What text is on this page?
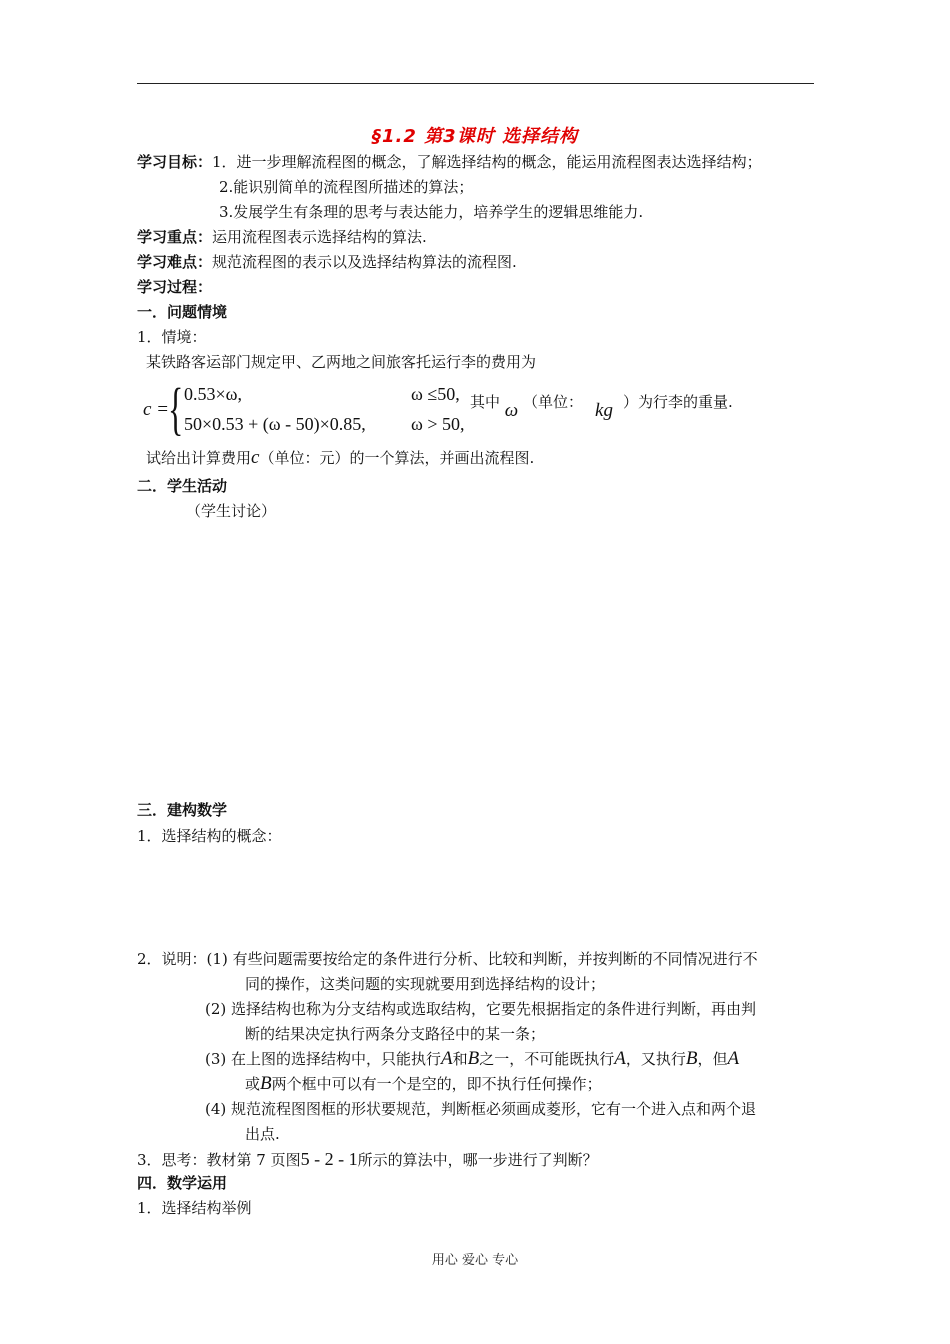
§1.2 第3课时 选择结构
学习目标：1．进一步理解流程图的概念，了解选择结构的概念，能运用流程图表达选择结构；
2.能识别简单的流程图所描述的算法；
3.发展学生有条理的思考与表达能力，培养学生的逻辑思维能力.
学习重点：运用流程图表示选择结构的算法.
学习难点：规范流程图的表示以及选择结构算法的流程图.
学习过程：
一．问题情境
1．情境：
某铁路客运部门规定甲、乙两地之间旅客托运行李的费用为
c =
{ 0.53×ω,	ω ≤50,
50×0.53 + (ω - 50)×0.85,	ω > 50,
其中 ω （单位： kg ）为行李的重量.
试给出计算费用c（单位：元）的一个算法，并画出流程图.
二．学生活动
（学生讨论）
三．建构数学
1．选择结构的概念：
2．说明：(1) 有些问题需要按给定的条件进行分析、比较和判断，并按判断的不同情况进行不
同的操作，这类问题的实现就要用到选择结构的设计；
(2) 选择结构也称为分支结构或选取结构，它要先根据指定的条件进行判断，再由判
断的结果决定执行两条分支路径中的某一条；
(3) 在上图的选择结构中，只能执行A和B之一，不可能既执行A，又执行B，但A
或B两个框中可以有一个是空的，即不执行任何操作；
(4) 规范流程图图框的形状要规范，判断框必须画成菱形，它有一个进入点和两个退
出点.
3．思考：教材第 7 页图5 - 2 - 1所示的算法中，哪一步进行了判断？
四．数学运用
1．选择结构举例
用心 爱心 专心
